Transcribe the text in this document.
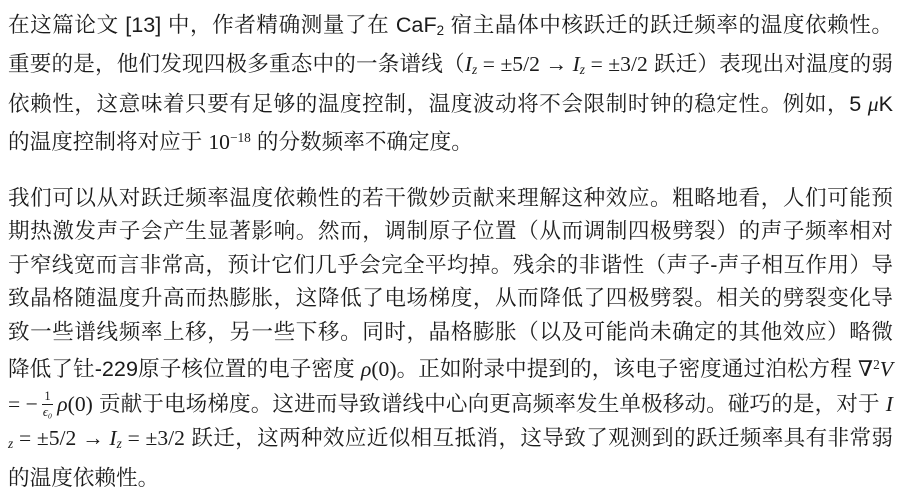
在这篇论文 [13] 中，作者精确测量了在 CaF2 宿主晶体中核跃迁的跃迁频率的温度依赖性。重要的是，他们发现四极多重态中的一条谱线（$I_z = \pm 5/2 \to I_z = \pm 3/2$ 跃迁）表现出对温度的弱依赖性，这意味着只要有足够的温度控制，温度波动将不会限制时钟的稳定性。例如，5 μK 的温度控制将对应于 $10^{-18}$ 的分数频率不确定度。

我们可以从对跃迁频率温度依赖性的若干微妙贡献来理解这种效应。粗略地看，人们可能预期热激发声子会产生显著影响。然而，调制原子位置（从而调制四极劈裂）的声子频率相对于窄线宽而言非常高，预计它们几乎会完全平均掉。残余的非谐性（声子-声子相互作用）导致晶格随温度升高而热膨胀，这降低了电场梯度，从而降低了四极劈裂。相关的劈裂变化导致一些谱线频率上移，另一些下移。同时，晶格膨胀（以及可能尚未确定的其他效应）略微降低了钍-229原子核位置的电子密度 ρ(0)。正如附录中提到的，该电子密度通过泊松方程 ∇$^2$V = − $\frac{1}{\text{ϵ₀}} \rho(0)$ 贡献于电场梯度。这进而导致谱线中心向更高频率发生单极移动。碰巧的是，对于 $I_z = \pm 5/2 \to I_z = \pm 3/2$ 跃迁，这两种效应近似相互抵消，这导致了观测到的跃迁频率具有非常弱的温度依赖性。
